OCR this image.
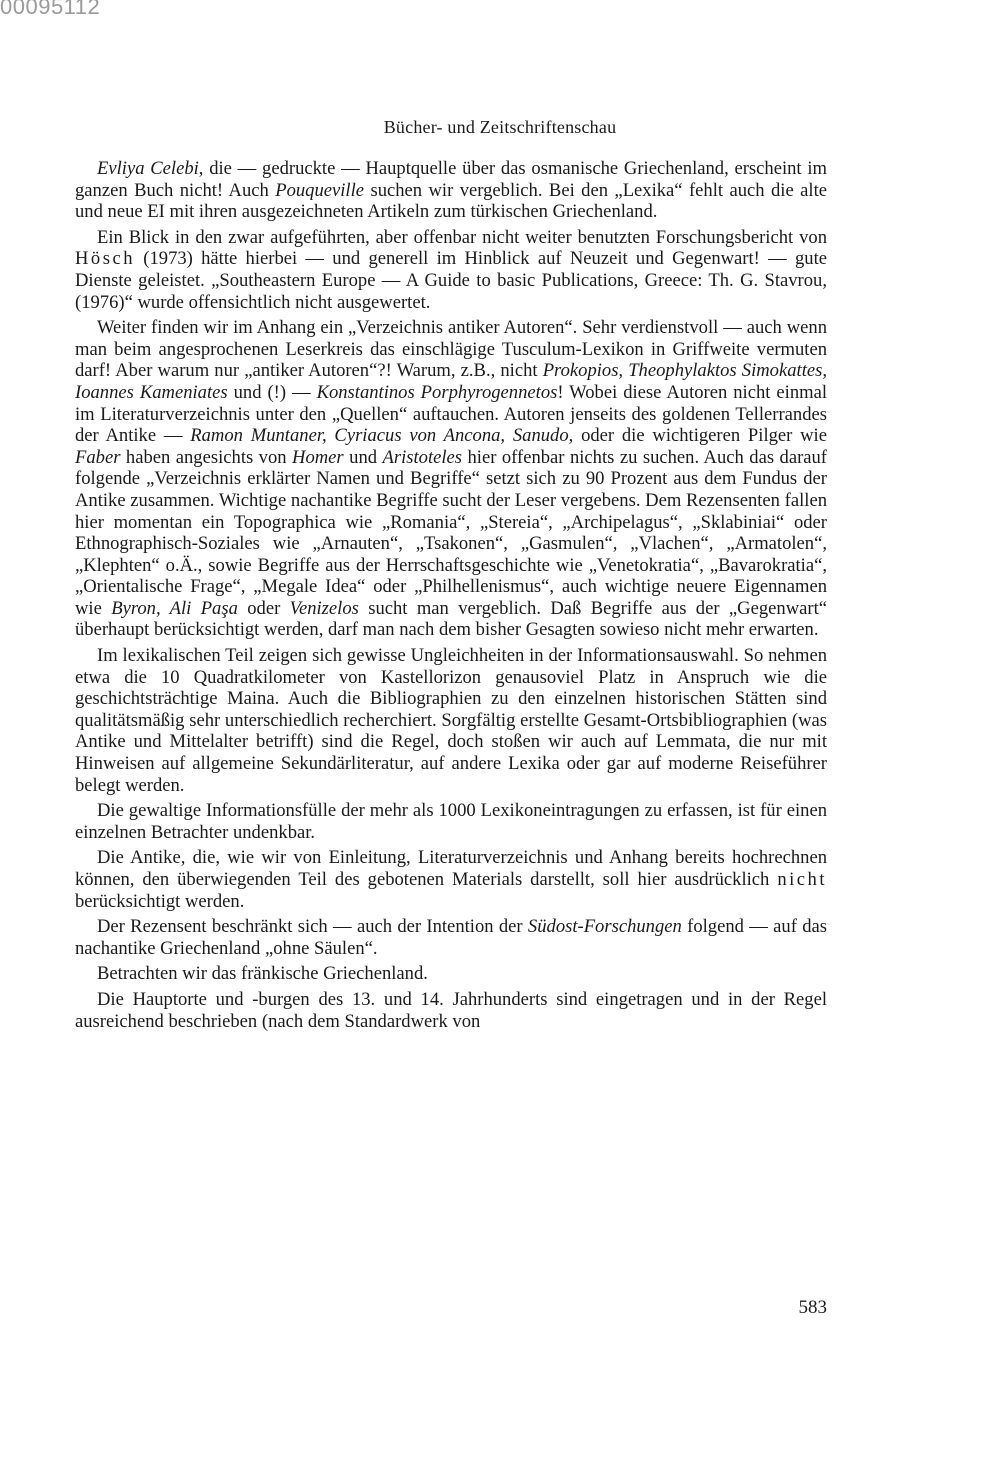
00095112
Bücher- und Zeitschriftenschau

Evliya Celebi, die — gedruckte — Hauptquelle über das osmanische Griechenland, erscheint im ganzen Buch nicht! Auch Pouqueville suchen wir vergeblich. Bei den „Lexika“ fehlt auch die alte und neue EI mit ihren ausgezeichneten Artikeln zum türkischen Griechenland.

Ein Blick in den zwar aufgeführten, aber offenbar nicht weiter benutzten Forschungsbericht von Hösch (1973) hätte hierbei — und generell im Hinblick auf Neuzeit und Gegenwart! — gute Dienste geleistet. „Southeastern Europe — A Guide to basic Publications, Greece: Th. G. Stavrou, (1976)“ wurde offensichtlich nicht ausgewertet.

Weiter finden wir im Anhang ein „Verzeichnis antiker Autoren“. Sehr verdienstvoll — auch wenn man beim angesprochenen Leserkreis das einschlägige Tusculum-Lexikon in Griffweite vermuten darf! Aber warum nur „antiker Autoren“?! Warum, z.B., nicht Prokopios, Theophylaktos Simokattes, Ioannes Kameniates und (!) — Konstantinos Porphyrogennetos! Wobei diese Autoren nicht einmal im Literaturverzeichnis unter den „Quellen“ auftauchen. Autoren jenseits des goldenen Tellerrandes der Antike — Ramon Muntaner, Cyriacus von Ancona, Sanudo, oder die wichtigeren Pilger wie Faber haben angesichts von Homer und Aristoteles hier offenbar nichts zu suchen. Auch das darauf folgende „Verzeichnis erklärter Namen und Begriffe“ setzt sich zu 90 Prozent aus dem Fundus der Antike zusammen. Wichtige nachantike Begriffe sucht der Leser vergebens. Dem Rezensenten fallen hier momentan ein Topographica wie „Romania“, „Stereia“, „Archipelagus“, „Sklabiniai“ oder Ethnographisch-Soziales wie „Arnauten“, „Tsakonen“, „Gasmulen“, „Vlachen“, „Armatolen“, „Klephten“ o.Ä., sowie Begriffe aus der Herrschaftsgeschichte wie „Venetokratia“, „Bavarokratia“, „Orientalische Frage“, „Megale Idea“ oder „Philhellenismus“, auch wichtige neuere Eigennamen wie Byron, Ali Paşa oder Venizelos sucht man vergeblich. Daß Begriffe aus der „Gegenwart“ überhaupt berücksichtigt werden, darf man nach dem bisher Gesagten sowieso nicht mehr erwarten.

Im lexikalischen Teil zeigen sich gewisse Ungleichheiten in der Informationsauswahl. So nehmen etwa die 10 Quadratkilometer von Kastellorizon genausoviel Platz in Anspruch wie die geschichtsträchtige Maina. Auch die Bibliographien zu den einzelnen historischen Stätten sind qualitätsmäßig sehr unterschiedlich recherchiert. Sorgfältig erstellte Gesamt-Ortsbibliographien (was Antike und Mittelalter betrifft) sind die Regel, doch stoßen wir auch auf Lemmata, die nur mit Hinweisen auf allgemeine Sekundärliteratur, auf andere Lexika oder gar auf moderne Reiseführer belegt werden.

Die gewaltige Informationsfülle der mehr als 1000 Lexikoneintragungen zu erfassen, ist für einen einzelnen Betrachter undenkbar.

Die Antike, die, wie wir von Einleitung, Literaturverzeichnis und Anhang bereits hochrechnen können, den überwiegenden Teil des gebotenen Materials darstellt, soll hier ausdrücklich nicht berücksichtigt werden.

Der Rezensent beschränkt sich — auch der Intention der Südost-Forschungen folgend — auf das nachantike Griechenland „ohne Säulen“.

Betrachten wir das fränkische Griechenland.

Die Hauptorte und -burgen des 13. und 14. Jahrhunderts sind eingetragen und in der Regel ausreichend beschrieben (nach dem Standardwerk von

583
